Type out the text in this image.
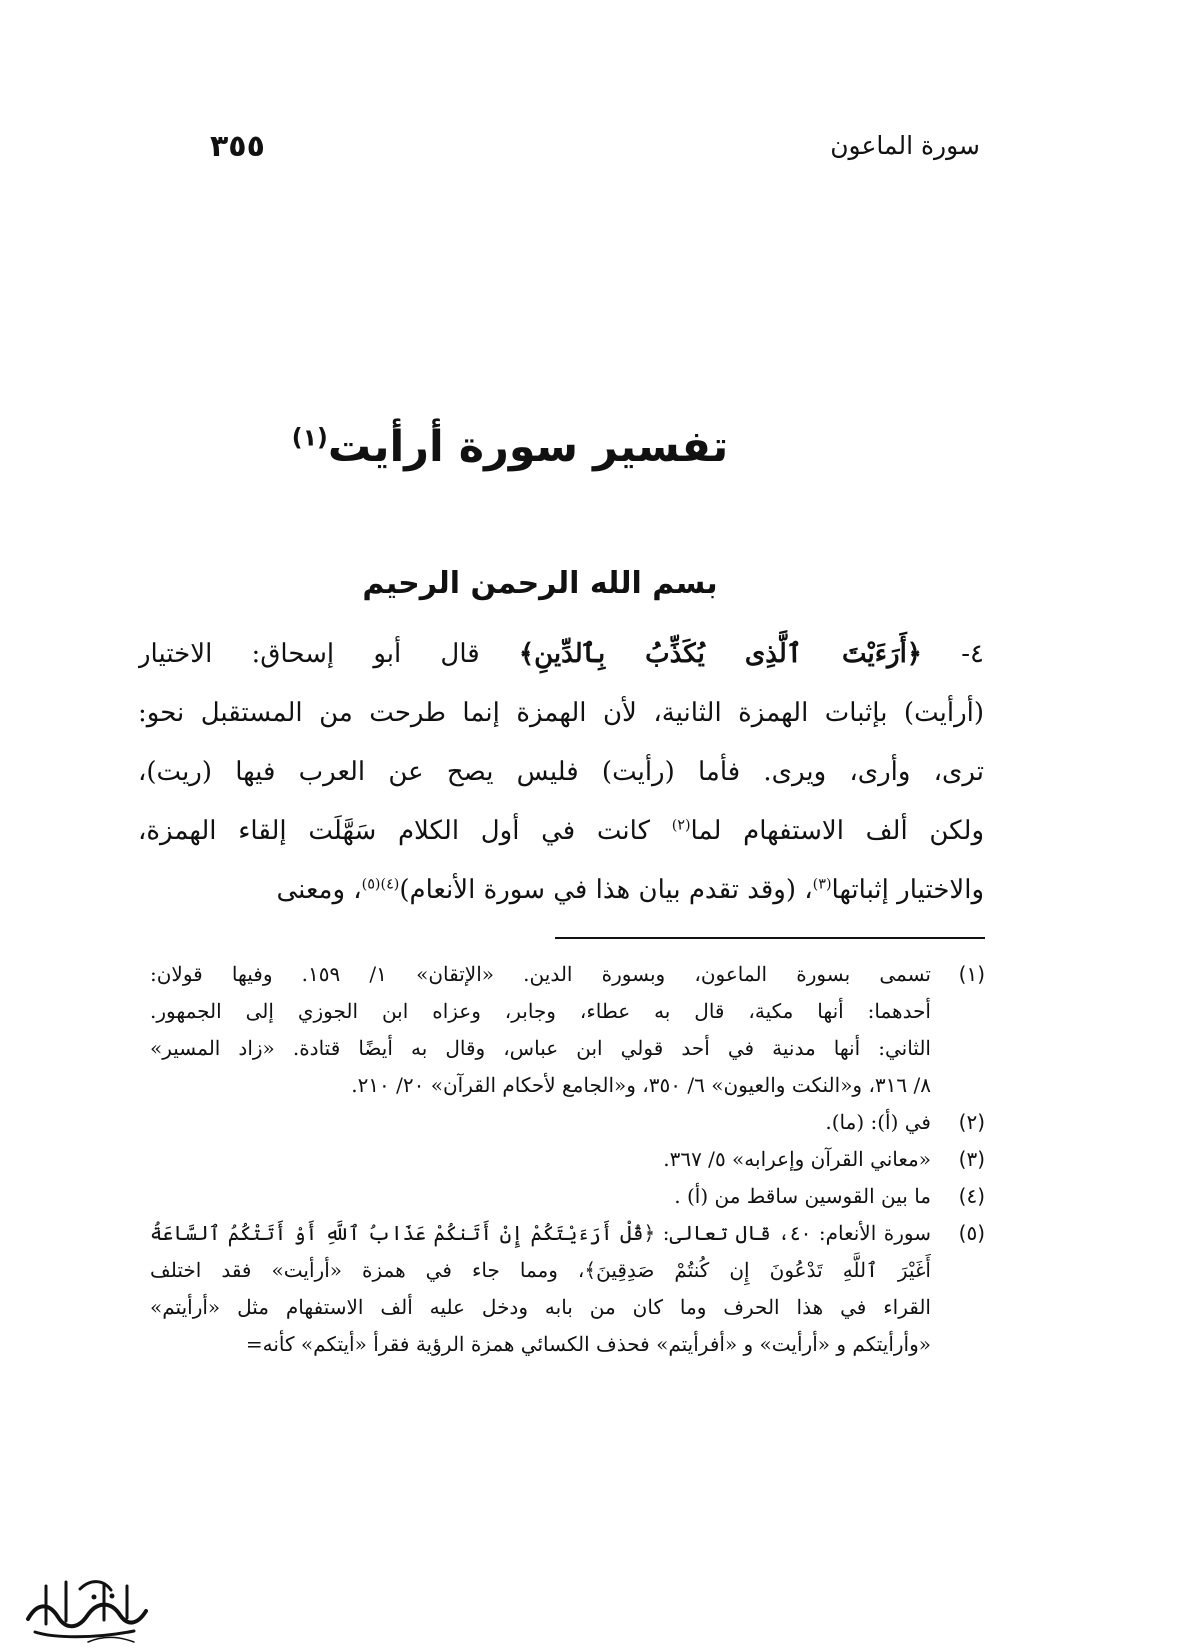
سورة الماعون
٣٥٥
تفسير سورة أرأيت$^{(١)}$
بسم الله الرحمن الرحيم
٤- ﴿أَرَءَيْتَ ٱلَّذِى يُكَذِّبُ بِٱلدِّينِ﴾ قال أبو إسحاق: الاختيار
(أرأيت) بإثبات الهمزة الثانية، لأن الهمزة إنما طرحت من المستقبل نحو:
ترى، وأرى، ويرى. فأما (رأيت) فليس يصح عن العرب فيها (ريت)،
ولكن ألف الاستفهام لما$^{(٢)}$ كانت في أول الكلام سَهَّلَت إلقاء الهمزة،
والاختيار إثباتها$^{(٣)}$، (وقد تقدم بيان هذا في سورة الأنعام)$^{(٤)(٥)}$، ومعنى
(١)
تسمى بسورة الماعون، وبسورة الدين. «الإتقان» ١/ ١٥٩. وفيها قولان:
أحدهما: أنها مكية، قال به عطاء، وجابر، وعزاه ابن الجوزي إلى الجمهور.
الثاني: أنها مدنية في أحد قولي ابن عباس، وقال به أيضًا قتادة. «زاد المسير»
٨/ ٣١٦، و«النكت والعيون» ٦/ ٣٥٠، و«الجامع لأحكام القرآن» ٢٠/ ٢١٠.
(٢)
في (أ): (ما).
(٣)
«معاني القرآن وإعرابه» ٥/ ٣٦٧.
(٤)
ما بين القوسين ساقط من (أ) .
(٥)
سورة الأنعام: ٤٠، قال تعالى: ﴿قُلْ أَرَءَيْتَكُمْ إِنْ أَتَنكُمْ عَذَابُ ٱللَّهِ أَوْ أَتَتْكُمُ ٱلسَّاعَةُ
أَغَيْرَ ٱللَّهِ تَدْعُونَ إِن كُنتُمْ صَدِقِينَ﴾، ومما جاء في همزة «أرأيت» فقد اختلف
القراء في هذا الحرف وما كان من بابه ودخل عليه ألف الاستفهام مثل «أرأيتم»
«وأرأيتكم و «أرأيت» و «أفرأيتم» فحذف الكسائي همزة الرؤية فقرأ «أيتكم» كأنه=
